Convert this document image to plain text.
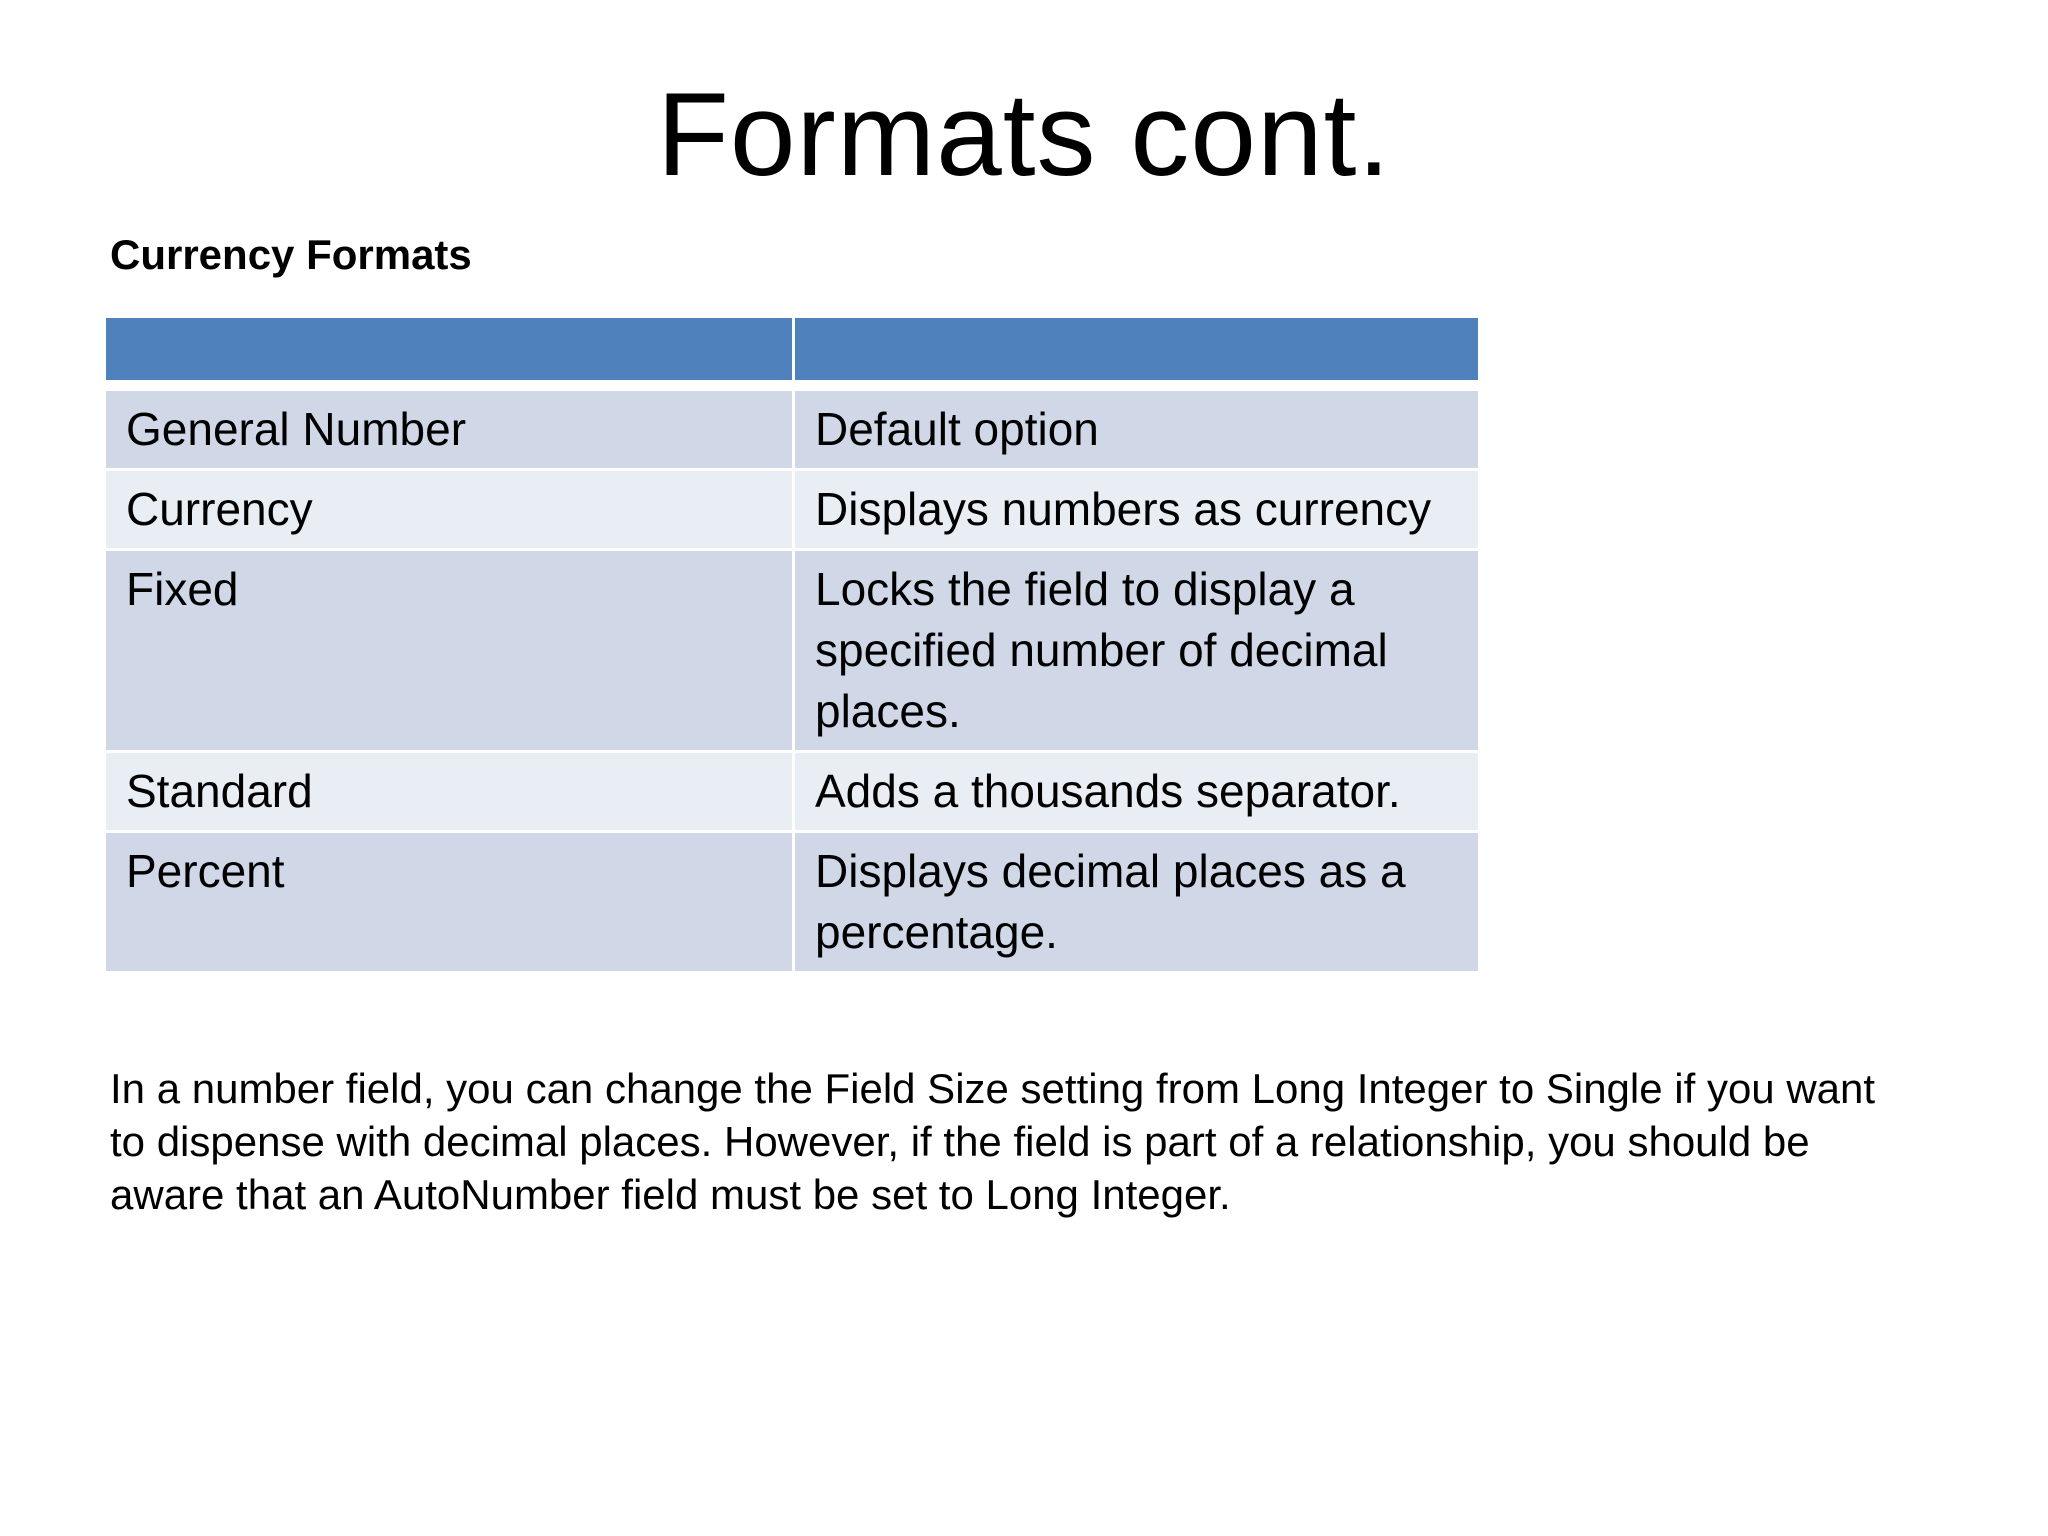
Formats cont.
Currency Formats

General Number	Default option
Currency	Displays numbers as currency
Fixed	Locks the field to display a specified number of decimal places.
Standard	Adds a thousands separator.
Percent	Displays decimal places as a percentage.

In a number field, you can change the Field Size setting from Long Integer to Single if you want to dispense with decimal places. However, if the field is part of a relationship, you should be aware that an AutoNumber field must be set to Long Integer.
